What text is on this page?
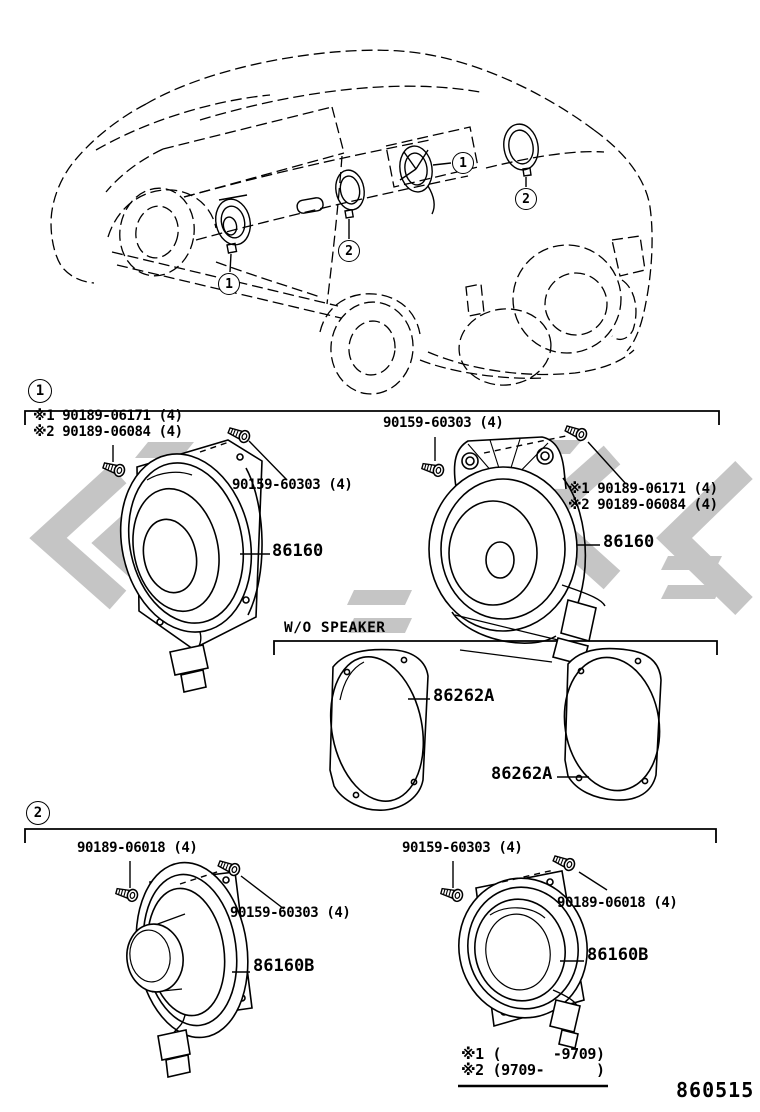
1
2
1
2
1
※1 90189-06171 (4)
※2 90189-06084 (4)
90159-60303 (4)
86160
90159-60303 (4)
※1 90189-06171 (4)
※2 90189-06084 (4)
86160
W/O SPEAKER
86262A
86262A
2
90189-06018 (4)
90159-60303 (4)
86160B
90159-60303 (4)
90189-06018 (4)
86160B
※1 (      -9709)
※2 (9709-      )
860515
